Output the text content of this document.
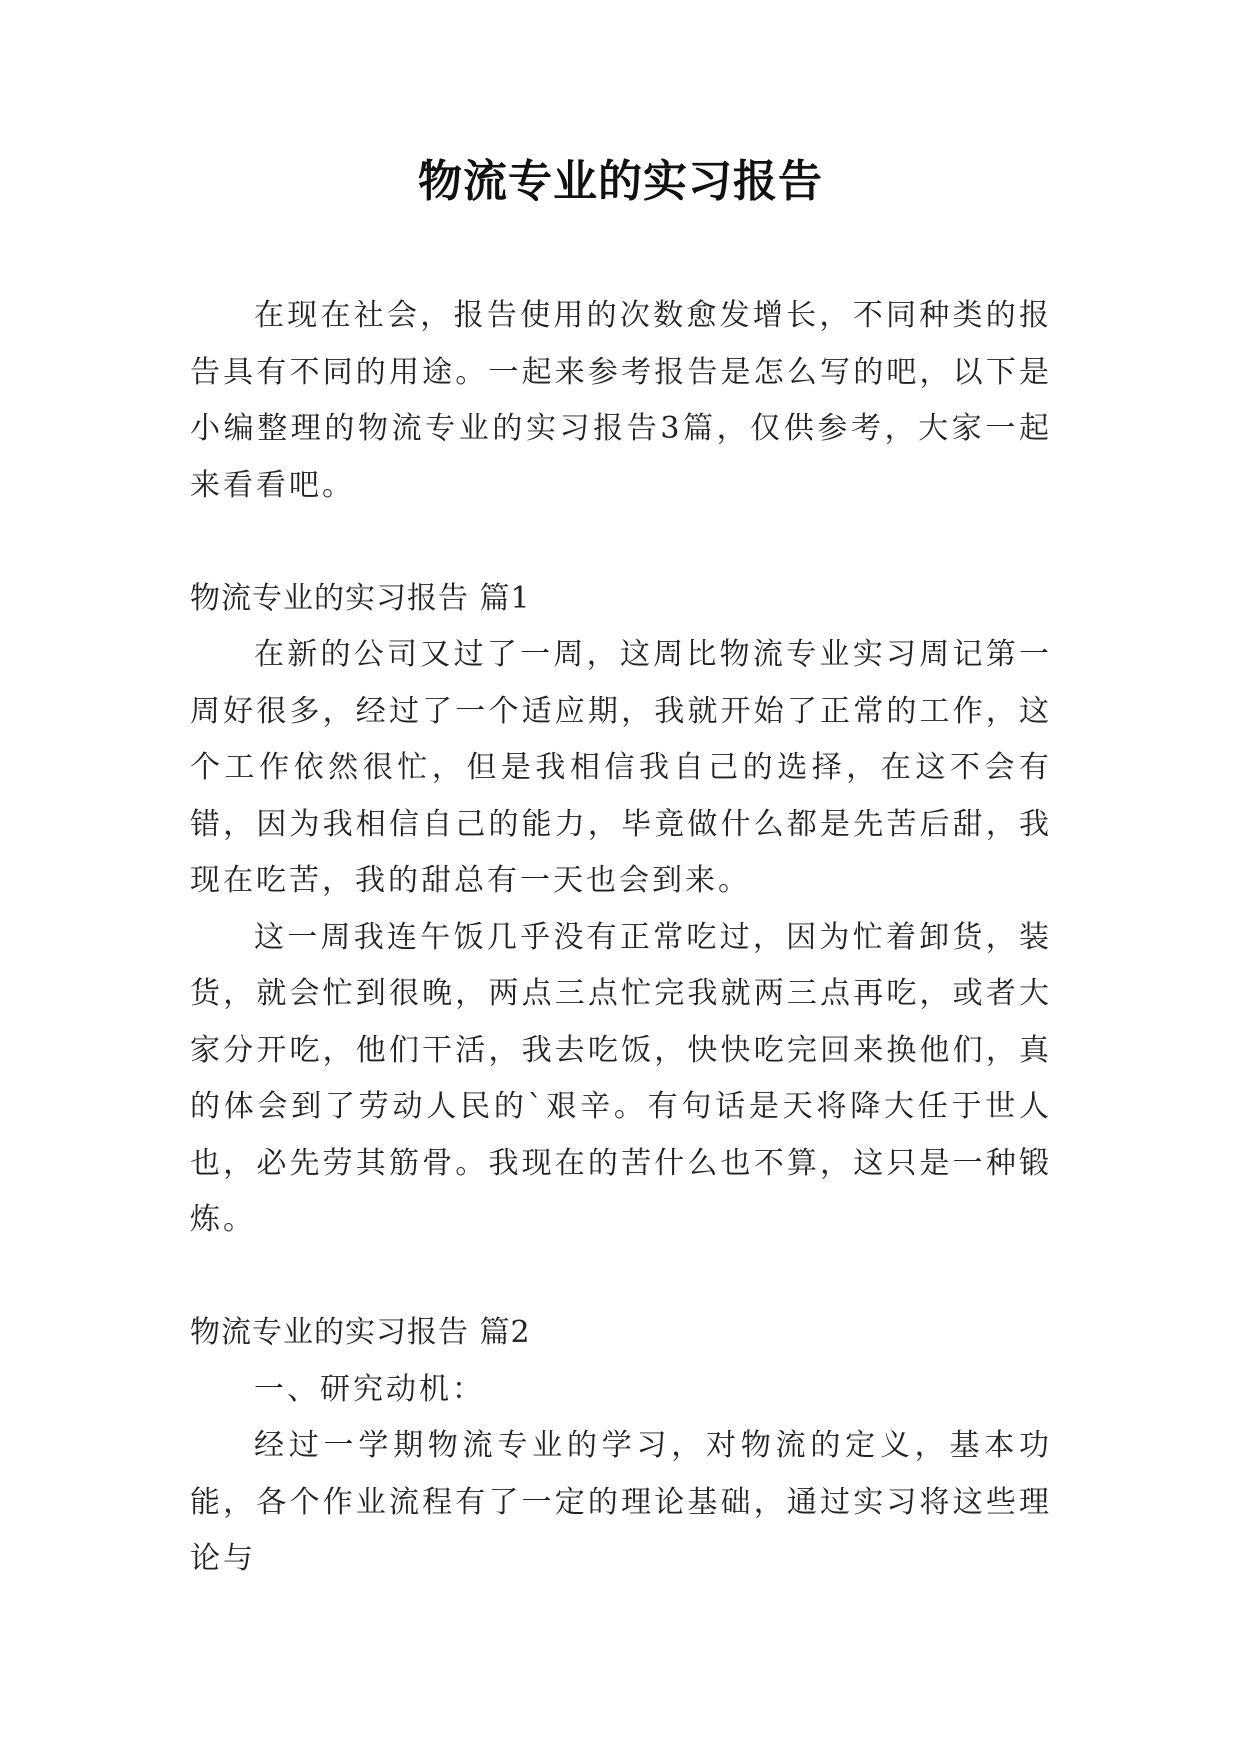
物流专业的实习报告

在现在社会，报告使用的次数愈发增长，不同种类的报告具有不同的用途。一起来参考报告是怎么写的吧，以下是小编整理的物流专业的实习报告3篇，仅供参考，大家一起来看看吧。

物流专业的实习报告 篇1

在新的公司又过了一周，这周比物流专业实习周记第一周好很多，经过了一个适应期，我就开始了正常的工作，这个工作依然很忙，但是我相信我自己的选择，在这不会有错，因为我相信自己的能力，毕竟做什么都是先苦后甜，我现在吃苦，我的甜总有一天也会到来。

这一周我连午饭几乎没有正常吃过，因为忙着卸货，装货，就会忙到很晚，两点三点忙完我就两三点再吃，或者大家分开吃，他们干活，我去吃饭，快快吃完回来换他们，真的体会到了劳动人民的`艰辛。有句话是天将降大任于世人也，必先劳其筋骨。我现在的苦什么也不算，这只是一种锻炼。

物流专业的实习报告 篇2

一、研究动机：

经过一学期物流专业的学习，对物流的定义，基本功能，各个作业流程有了一定的理论基础，通过实习将这些理论与
